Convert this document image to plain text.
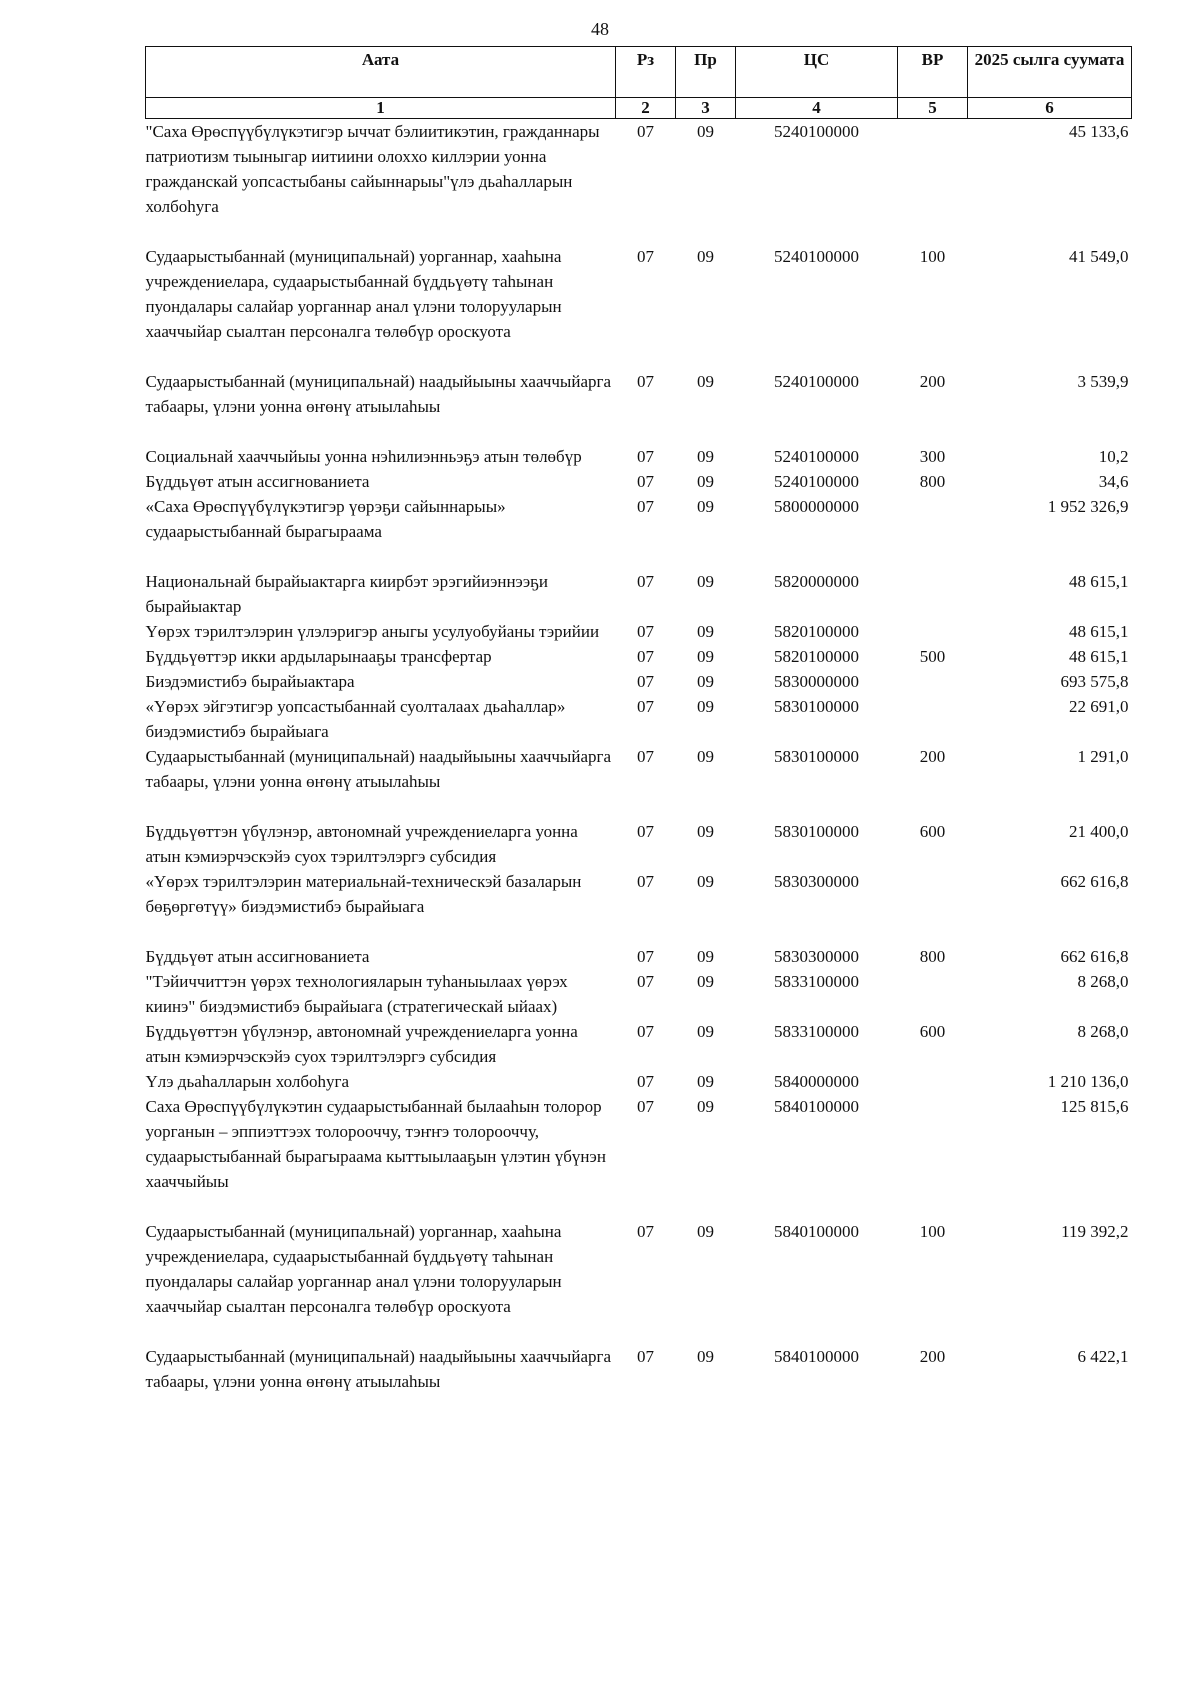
48
Аата	Рз	Пр	ЦС	ВР	2025 сылга суумата
1	2	3	4	5	6
"Саха Өрөспүүбүлүкэтигэр ыччат бэлиитикэтин, гражданнары патриотизм тыыныгар иитиини олоххо киллэрии уонна гражданскай уопсастыбаны сайыннарыы"үлэ дьаһалларын холбоһуга	07	09	5240100000		45 133,6
Судаарыстыбаннай (муниципальнай) уорганнар, хааһына учреждениелара, судаарыстыбаннай бүддьүөтү таһынан пуондалары салайар уорганнар анал үлэни толорууларын хааччыйар сыалтан персоналга төлөбүр ороскуота	07	09	5240100000	100	41 549,0
Судаарыстыбаннай (муниципальнай) наадыйыыны хааччыйарга табаары, үлэни уонна өҥөнү атыылаһыы	07	09	5240100000	200	3 539,9
Социальнай хааччыйыы уонна нэһилиэнньэҕэ атын төлөбүр	07	09	5240100000	300	10,2
Бүддьүөт атын ассигнованиета	07	09	5240100000	800	34,6
«Саха Өрөспүүбүлүкэтигэр үөрэҕи сайыннарыы» судаарыстыбаннай бырагыраама	07	09	5800000000		1 952 326,9
Национальнай бырайыактарга киирбэт эрэгийиэннээҕи бырайыактар	07	09	5820000000		48 615,1
Үөрэх тэрилтэлэрин үлэлэригэр аныгы усулуобуйаны тэрийии	07	09	5820100000		48 615,1
Бүддьүөттэр икки ардыларынааҕы трансфертар	07	09	5820100000	500	48 615,1
Биэдэмистибэ бырайыактара	07	09	5830000000		693 575,8
«Үөрэх эйгэтигэр уопсастыбаннай суолталаах дьаһаллар» биэдэмистибэ бырайыага	07	09	5830100000		22 691,0
Судаарыстыбаннай (муниципальнай) наадыйыыны хааччыйарга табаары, үлэни уонна өҥөнү атыылаһыы	07	09	5830100000	200	1 291,0
Бүддьүөттэн үбүлэнэр, автономнай учреждениеларга уонна атын кэмиэрчэскэйэ суох тэрилтэлэргэ субсидия	07	09	5830100000	600	21 400,0
«Үөрэх тэрилтэлэрин материальнай-техническэй базаларын бөҕөргөтүү» биэдэмистибэ бырайыага	07	09	5830300000		662 616,8
Бүддьүөт атын ассигнованиета	07	09	5830300000	800	662 616,8
"Тэйиччиттэн үөрэх технологияларын туһаныылаах үөрэх киинэ" биэдэмистибэ бырайыага (стратегическай ыйаах)	07	09	5833100000		8 268,0
Бүддьүөттэн үбүлэнэр, автономнай учреждениеларга уонна атын кэмиэрчэскэйэ суох тэрилтэлэргэ субсидия	07	09	5833100000	600	8 268,0
Үлэ дьаһалларын холбоһуга	07	09	5840000000		1 210 136,0
Саха Өрөспүүбүлүкэтин судаарыстыбаннай былааһын толорор уорганын – эппиэттээх толорооччу, тэҥҥэ толорооччу, судаарыстыбаннай бырагыраама кыттыылааҕын үлэтин үбүнэн хааччыйыы	07	09	5840100000		125 815,6
Судаарыстыбаннай (муниципальнай) уорганнар, хааһына учреждениелара, судаарыстыбаннай бүддьүөтү таһынан пуондалары салайар уорганнар анал үлэни толорууларын хааччыйар сыалтан персоналга төлөбүр ороскуота	07	09	5840100000	100	119 392,2
Судаарыстыбаннай (муниципальнай) наадыйыыны хааччыйарга табаары, үлэни уонна өҥөнү атыылаһыы	07	09	5840100000	200	6 422,1
